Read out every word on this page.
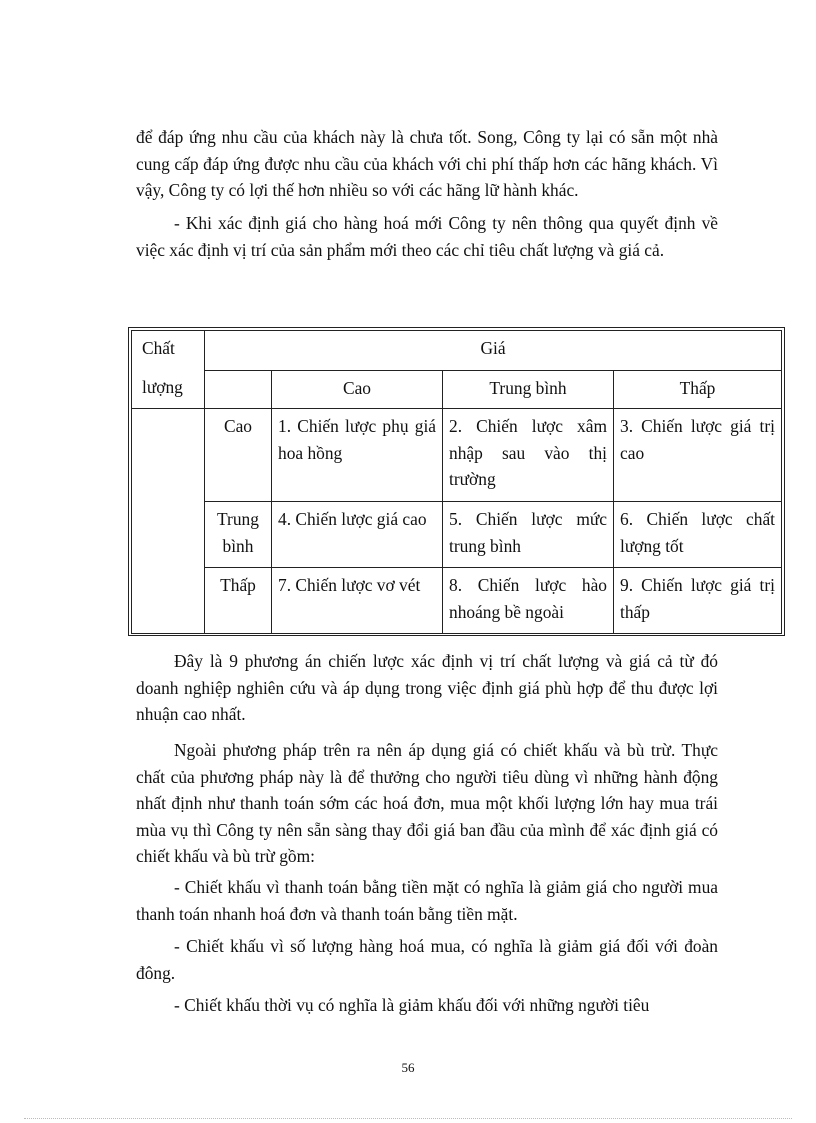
để đáp ứng nhu cầu của khách này là chưa tốt. Song, Công ty lại có sẵn một nhà cung cấp đáp ứng được nhu cầu của khách với chi phí thấp hơn các hãng khách. Vì vậy, Công ty có lợi thế hơn nhiều so với các hãng lữ hành khác.

- Khi xác định giá cho hàng hoá mới Công ty nên thông qua quyết định về việc xác định vị trí của sản phẩm mới theo các chỉ tiêu chất lượng và giá cả.

Chất
lượng	Giá			
		Cao	Trung bình	Thấp
	Cao	1. Chiến lược phụ giá hoa hồng	2. Chiến lược xâm nhập sau vào thị trường	3. Chiến lược giá trị cao
	Trung bình	4. Chiến lược giá cao	5. Chiến lược mức trung bình	6. Chiến lược chất lượng tốt
	Thấp	7. Chiến lược vơ vét	8. Chiến lược hào nhoáng bề ngoài	9. Chiến lược giá trị thấp

Đây là 9 phương án chiến lược xác định vị trí chất lượng và giá cả từ đó doanh nghiệp nghiên cứu và áp dụng trong việc định giá phù hợp để thu được lợi nhuận cao nhất.

Ngoài phương pháp trên ra nên áp dụng giá có chiết khấu và bù trừ. Thực chất của phương pháp này là để thưởng cho người tiêu dùng vì những hành động nhất định như thanh toán sớm các hoá đơn, mua một khối lượng lớn hay mua trái mùa vụ thì Công ty nên sẵn sàng thay đổi giá ban đầu của mình để xác định giá có chiết khấu và bù trừ gồm:

- Chiết khấu vì thanh toán bằng tiền mặt có nghĩa là giảm giá cho người mua thanh toán nhanh hoá đơn và thanh toán bằng tiền mặt.

- Chiết khấu vì số lượng hàng hoá mua, có nghĩa là giảm giá đối với đoàn đông.

- Chiết khấu thời vụ có nghĩa là giảm khấu đối với những người tiêu

56
